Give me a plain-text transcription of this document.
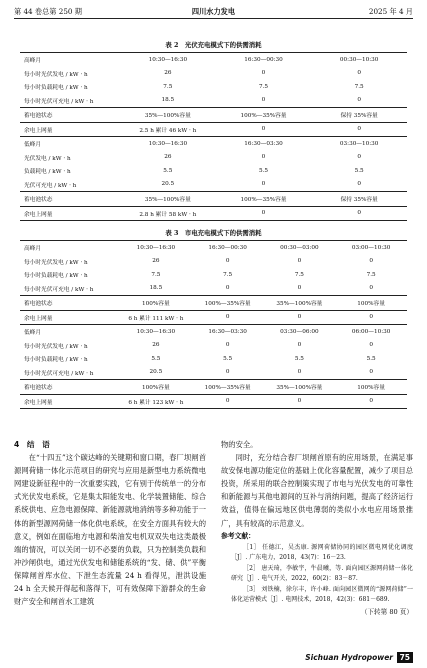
第 44 卷总第 250 期	四川水力发电	2025 年 4 月
表 2　光伏充电模式下的供需消耗
高峰月	10:30—16:30	16:30—00:30	00:30—10:30
每小时光伏发电 / kW · h	26	0	0
每小时负载耗电 / kW · h	7.5	7.5	7.5
每小时光伏可充电 / kW · h	18.5	0	0
蓄电池状态	35%—100%容量	100%—35%容量	保持 35%容量
余电上网量	2.5 h 累计 46 kW · h	0	0
低峰月	10:30—16:30	16:30—03:30	03:30—10:30
光伏发电 / kW · h	26	0	0
负载耗电 / kW · h	5.5	5.5	5.5
光伏可充电 / kW · h	20.5	0	0
蓄电池状态	35%—100%容量	100%—35%容量	保持 35%容量
余电上网量	2.8 h 累计 58 kW · h	0	0
表 3　市电充电模式下的供需消耗
高峰月	10:30—16:30	16:30—00:30	00:30—03:00	03:00—10:30
每小时光伏发电 / kW · h	26	0	0	0
每小时负载耗电 / kW · h	7.5	7.5	7.5	7.5
每小时光伏可充电 / kW · h	18.5	0	0	0
蓄电池状态	100%容量	100%—35%容量	35%—100%容量	100%容量
余电上网量	6 h 累计 111 kW · h	0	0	0
低峰月	10:30—16:30	16:30—03:30	03:30—06:00	06:00—10:30
每小时光伏发电 / kW · h	26	0	0	0
每小时负载耗电 / kW · h	5.5	5.5	5.5	5.5
每小时光伏可充电 / kW · h	20.5	0	0	0
蓄电池状态	100%容量	100%—35%容量	35%—100%容量	100%容量
余电上网量	6 h 累计 123 kW · h	0	0	0

4　结　语

在“十四五”这个碳达峰的关键期和窗口期，春厂坝闸首源网荷储一体化示范项目的研究与应用是新型电力系统微电网建设新征程中的一次重要实践，它有别于传统单一的分布式光伏发电系统，它是集太阳能发电、化学装置储能、综合系统供电、应急电源保障、新能源就地消纳等多种功能于一体的新型源网荷储一体化供电系统，在安全方面具有较大的意义，例如在面临地方电源和柴油发电机双双失电这类最极端的情况，可以关闭一切不必要的负载，只为控制类负载和冲沙闸供电，通过光伏发电和储能系统的“发、储、供”平衡保障闸首库水位、下泄生态流量 24 h 看得见，泄洪设施 24 h 全天候开得起和落得下，可有效保障下游群众的生命财产安全和闸首水工建筑

物的安全。

同时，充分结合春厂坝闸首原有的应用场景，在满足事故安保电源功能定位的基础上优化容量配置，减少了项目总投资，所采用的联合控制策实现了市电与光伏发电的可靠性和新能源与其他电源间的互补与消纳问题，提高了经济运行效益，值得在偏远地区供电薄弱的类似小水电应用场景推广，具有较高的示范意义。

参考文献：

［1］ 任德江，吴杰康. 源网荷储协同的园区微电网优化调度［J］. 广东电力，2018，43(7)：16－23.

［2］ 唐天琦，李敏宇，牛晨曦，等. 面向园区源网荷储一体化研究［J］. 电气开关，2022，60(2)：83－87.

［3］ 刘铁楠，徐尔丰，许小峰. 面向园区微网的“源网荷储”一体化运营模式［J］. 电网技术，2018，42(3)：681－689.

（下转第 80 页）

Sichuan Hydropower 75
